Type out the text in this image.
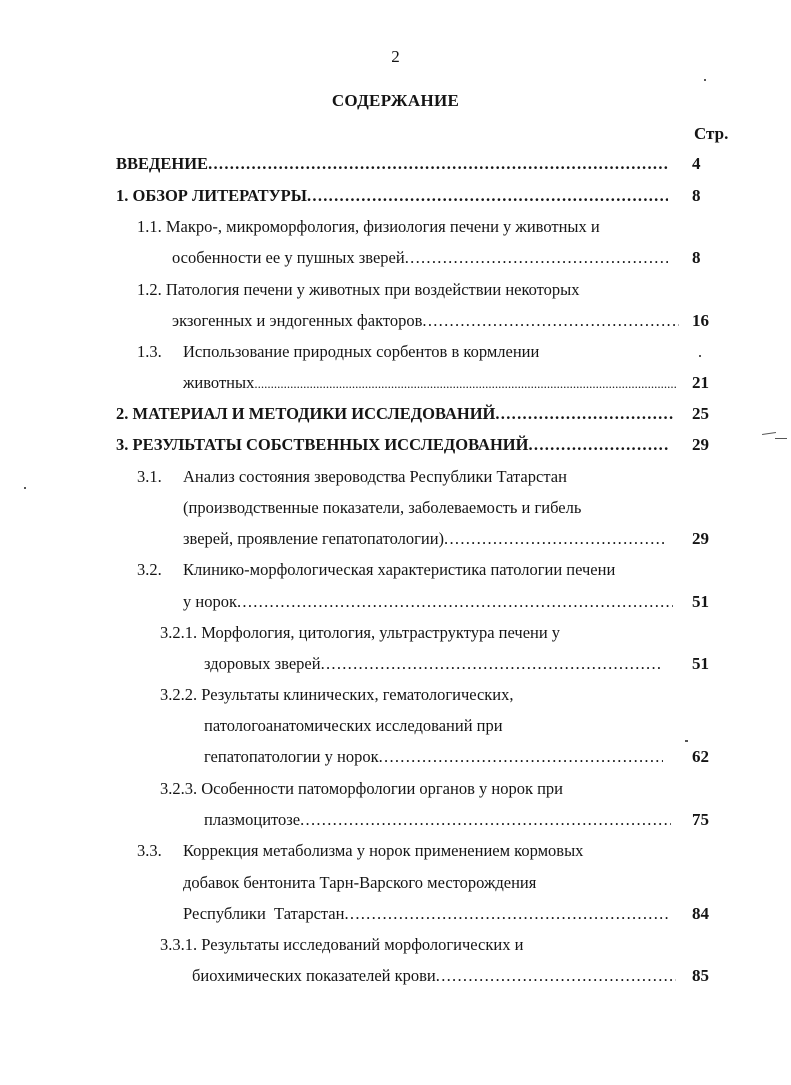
2
СОДЕРЖАНИЕ
Стр.
ВВЕДЕНИЕ .....	4
1. ОБЗОР ЛИТЕРАТУРЫ .....	8
1.1. Макро-, микроморфология, физиология печени у животных и
особенности ее у пушных зверей .....	8
1.2. Патология печени у животных при воздействии некоторых
экзогенных и эндогенных факторов .....	16
1.3.	Использование природных сорбентов в кормлении
животных .....	21
2. МАТЕРИАЛ И МЕТОДИКИ ИССЛЕДОВАНИЙ .....	25
3. РЕЗУЛЬТАТЫ СОБСТВЕННЫХ ИССЛЕДОВАНИЙ .....	29
3.1.	Анализ состояния звероводства Республики Татарстан
(производственные показатели, заболеваемость и гибель
зверей, проявление гепатопатологии) .....	29
3.2.	Клинико-морфологическая характеристика патологии печени
у норок .....	51
3.2.1. Морфология, цитология, ультраструктура печени у
здоровых зверей .....	51
3.2.2. Результаты клинических, гематологических,
патологоанатомических исследований при
гепатопатологии у норок .....	62
3.2.3. Особенности патоморфологии органов у норок при
плазмоцитозе .....	75
3.3.	Коррекция метаболизма у норок применением кормовых
добавок бентонита Тарн-Варского месторождения
Республики  Татарстан .....	84
3.3.1. Результаты исследований морфологических и
биохимических показателей крови .....	85
